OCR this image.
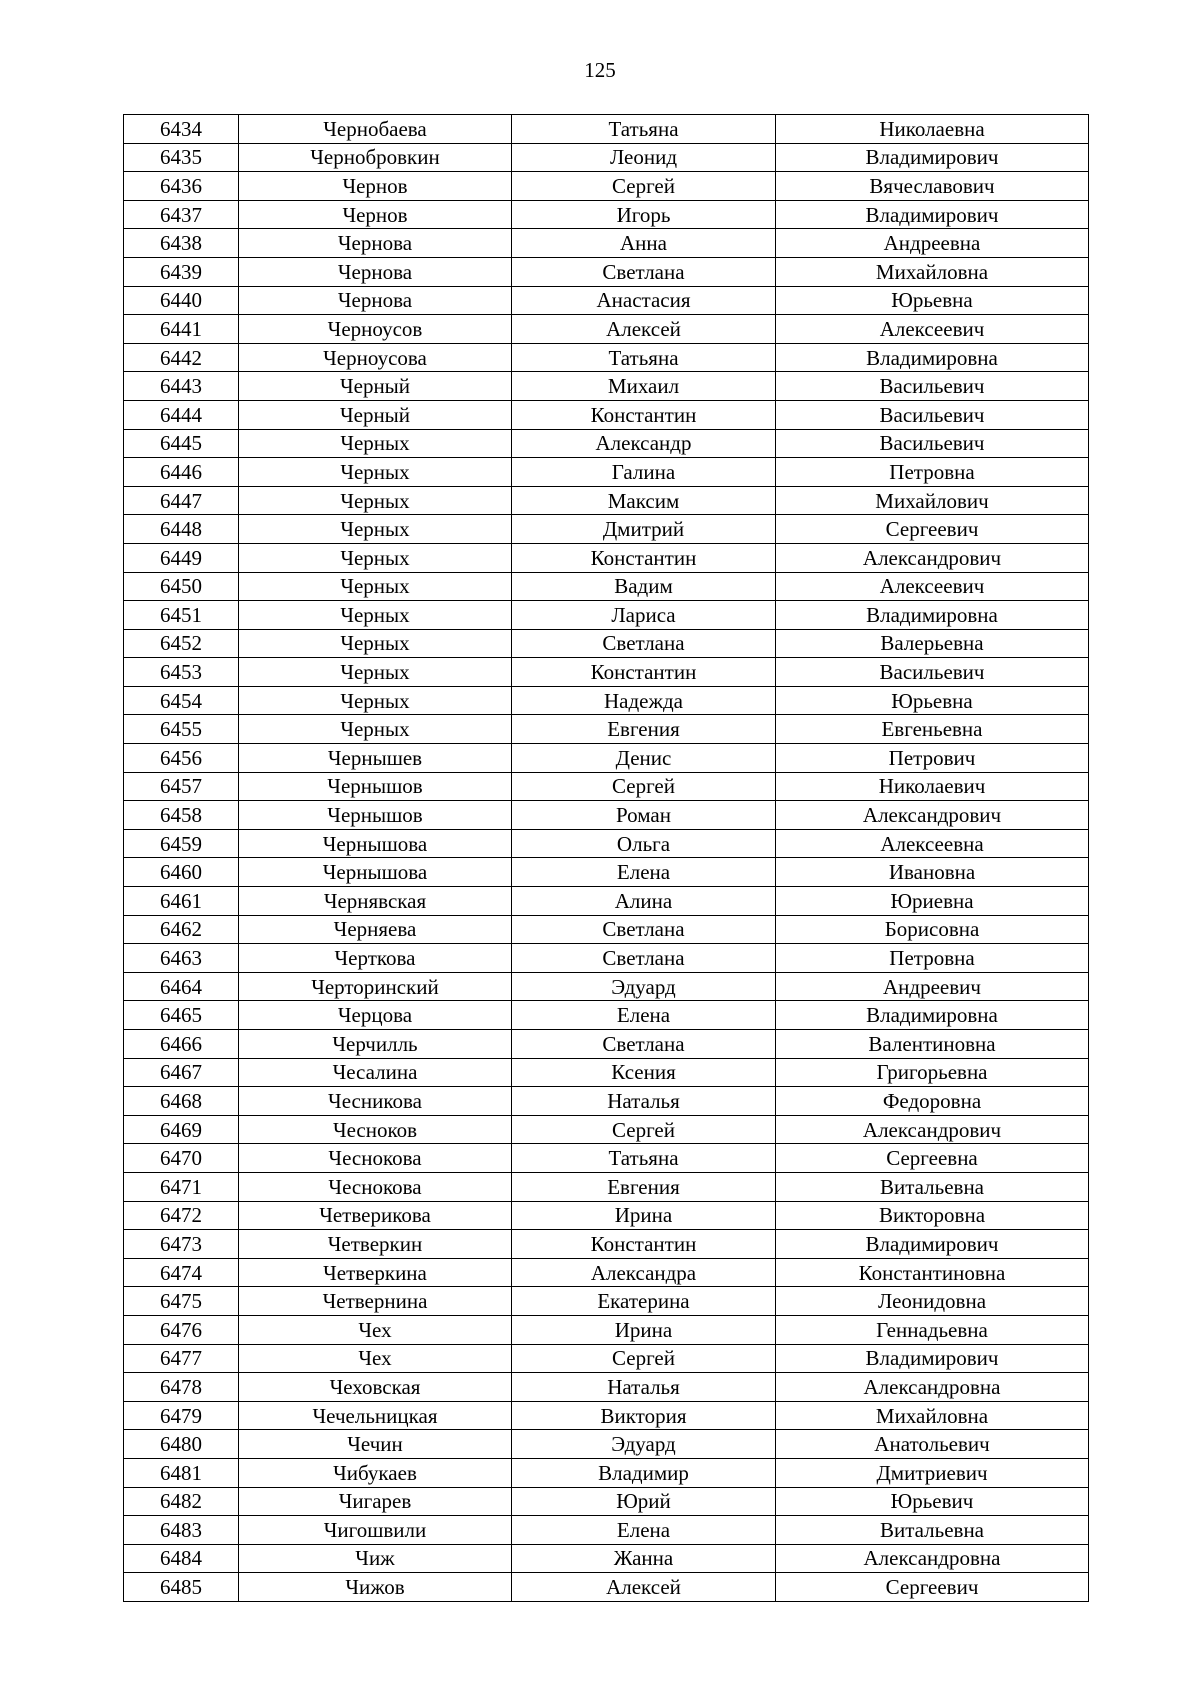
125
6434	Чернобаева	Татьяна	Николаевна
6435	Чернобровкин	Леонид	Владимирович
6436	Чернов	Сергей	Вячеславович
6437	Чернов	Игорь	Владимирович
6438	Чернова	Анна	Андреевна
6439	Чернова	Светлана	Михайловна
6440	Чернова	Анастасия	Юрьевна
6441	Черноусов	Алексей	Алексеевич
6442	Черноусова	Татьяна	Владимировна
6443	Черный	Михаил	Васильевич
6444	Черный	Константин	Васильевич
6445	Черных	Александр	Васильевич
6446	Черных	Галина	Петровна
6447	Черных	Максим	Михайлович
6448	Черных	Дмитрий	Сергеевич
6449	Черных	Константин	Александрович
6450	Черных	Вадим	Алексеевич
6451	Черных	Лариса	Владимировна
6452	Черных	Светлана	Валерьевна
6453	Черных	Константин	Васильевич
6454	Черных	Надежда	Юрьевна
6455	Черных	Евгения	Евгеньевна
6456	Чернышев	Денис	Петрович
6457	Чернышов	Сергей	Николаевич
6458	Чернышов	Роман	Александрович
6459	Чернышова	Ольга	Алексеевна
6460	Чернышова	Елена	Ивановна
6461	Чернявская	Алина	Юриевна
6462	Черняева	Светлана	Борисовна
6463	Черткова	Светлана	Петровна
6464	Черторинский	Эдуард	Андреевич
6465	Черцова	Елена	Владимировна
6466	Черчилль	Светлана	Валентиновна
6467	Чесалина	Ксения	Григорьевна
6468	Чесникова	Наталья	Федоровна
6469	Чесноков	Сергей	Александрович
6470	Чеснокова	Татьяна	Сергеевна
6471	Чеснокова	Евгения	Витальевна
6472	Четверикова	Ирина	Викторовна
6473	Четверкин	Константин	Владимирович
6474	Четверкина	Александра	Константиновна
6475	Четвернина	Екатерина	Леонидовна
6476	Чех	Ирина	Геннадьевна
6477	Чех	Сергей	Владимирович
6478	Чеховская	Наталья	Александровна
6479	Чечельницкая	Виктория	Михайловна
6480	Чечин	Эдуард	Анатольевич
6481	Чибукаев	Владимир	Дмитриевич
6482	Чигарев	Юрий	Юрьевич
6483	Чигошвили	Елена	Витальевна
6484	Чиж	Жанна	Александровна
6485	Чижов	Алексей	Сергеевич
